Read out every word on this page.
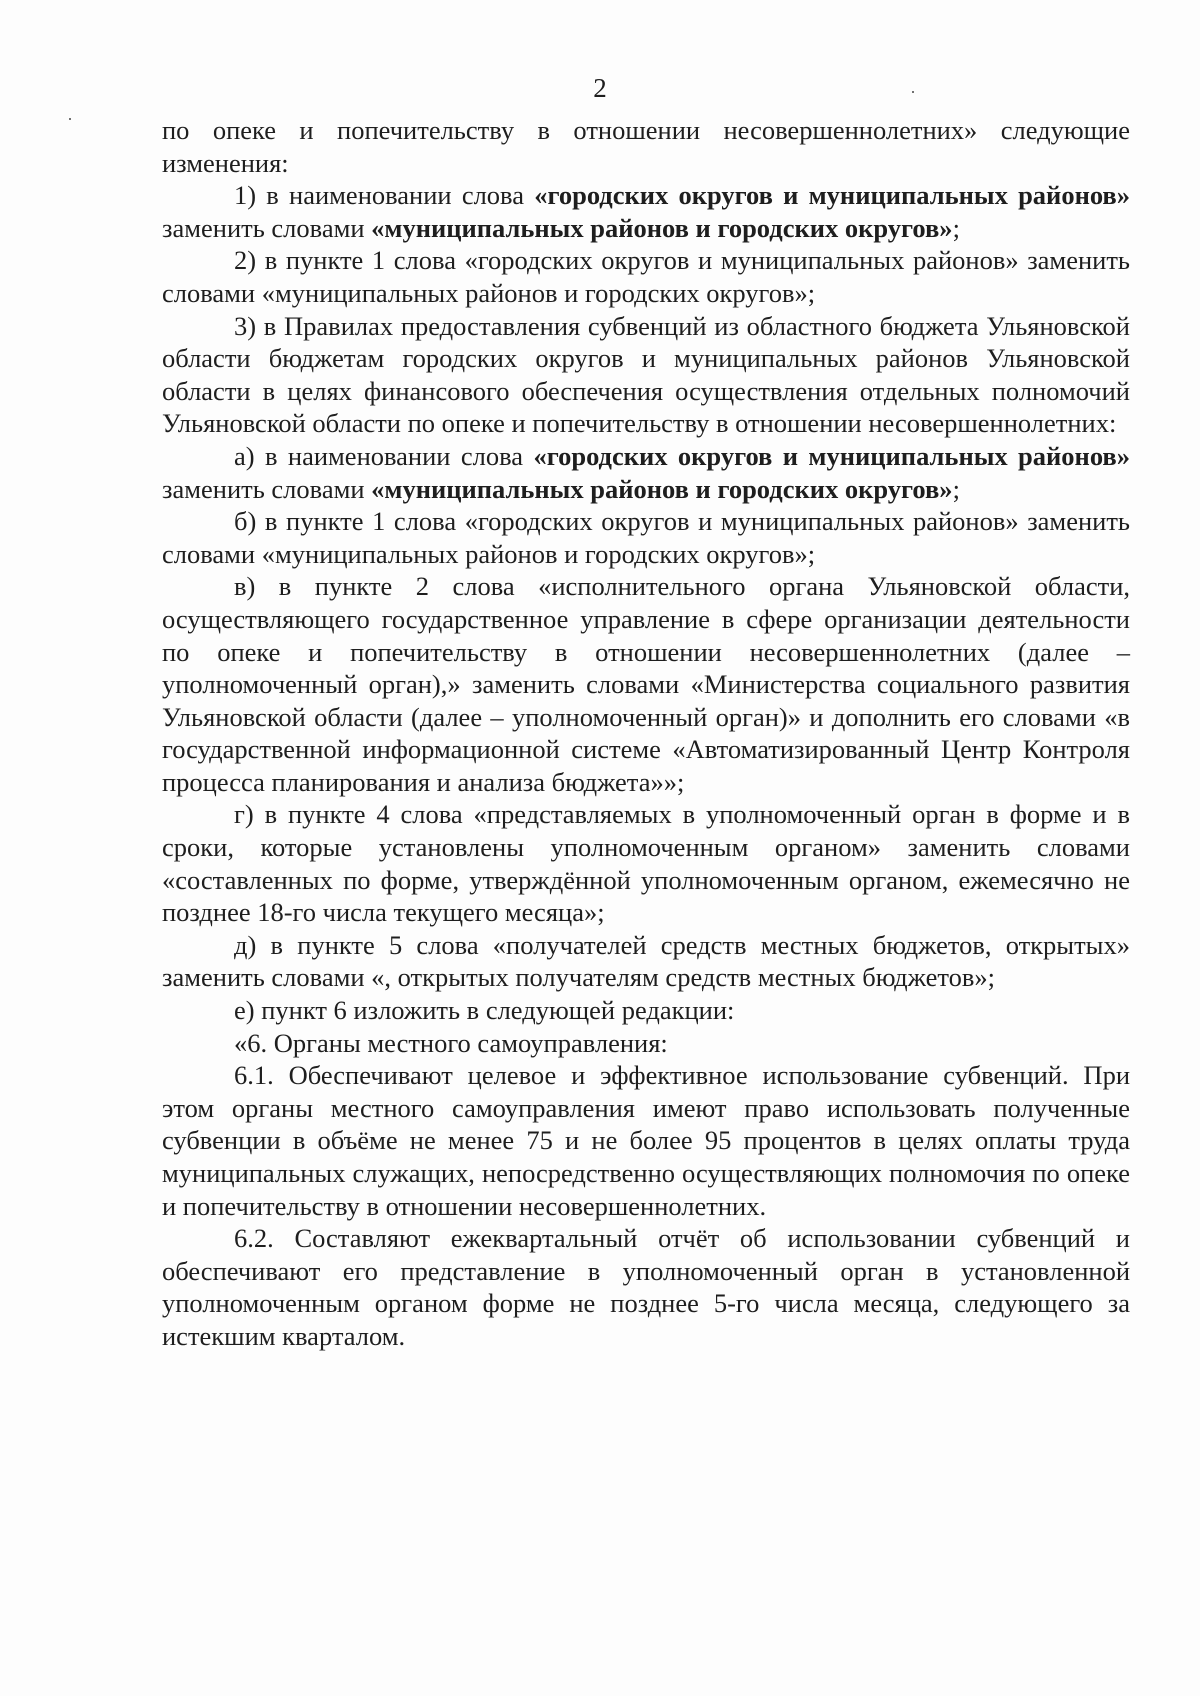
2

по опеке и попечительству в отношении несовершеннолетних» следующие изменения:

1) в наименовании слова «городских округов и муниципальных районов» заменить словами «муниципальных районов и городских округов»;

2) в пункте 1 слова «городских округов и муниципальных районов» заменить словами «муниципальных районов и городских округов»;

3) в Правилах предоставления субвенций из областного бюджета Ульяновской области бюджетам городских округов и муниципальных районов Ульяновской области в целях финансового обеспечения осуществления отдельных полномочий Ульяновской области по опеке и попечительству в отношении несовершеннолетних:

а) в наименовании слова «городских округов и муниципальных районов» заменить словами «муниципальных районов и городских округов»;

б) в пункте 1 слова «городских округов и муниципальных районов» заменить словами «муниципальных районов и городских округов»;

в) в пункте 2 слова «исполнительного органа Ульяновской области, осуществляющего государственное управление в сфере организации деятельности по опеке и попечительству в отношении несовершеннолетних (далее – уполномоченный орган),» заменить словами «Министерства социального развития Ульяновской области (далее – уполномоченный орган)» и дополнить его словами «в государственной информационной системе «Автоматизированный Центр Контроля процесса планирования и анализа бюджета»»;

г) в пункте 4 слова «представляемых в уполномоченный орган в форме и в сроки, которые установлены уполномоченным органом» заменить словами «составленных по форме, утверждённой уполномоченным органом, ежемесячно не позднее 18-го числа текущего месяца»;

д) в пункте 5 слова «получателей средств местных бюджетов, открытых» заменить словами «, открытых получателям средств местных бюджетов»;

е) пункт 6 изложить в следующей редакции:

«6. Органы местного самоуправления:

6.1. Обеспечивают целевое и эффективное использование субвенций. При этом органы местного самоуправления имеют право использовать полученные субвенции в объёме не менее 75 и не более 95 процентов в целях оплаты труда муниципальных служащих, непосредственно осуществляющих полномочия по опеке и попечительству в отношении несовершеннолетних.

6.2. Составляют ежеквартальный отчёт об использовании субвенций и обеспечивают его представление в уполномоченный орган в установленной уполномоченным органом форме не позднее 5-го числа месяца, следующего за истекшим кварталом.
